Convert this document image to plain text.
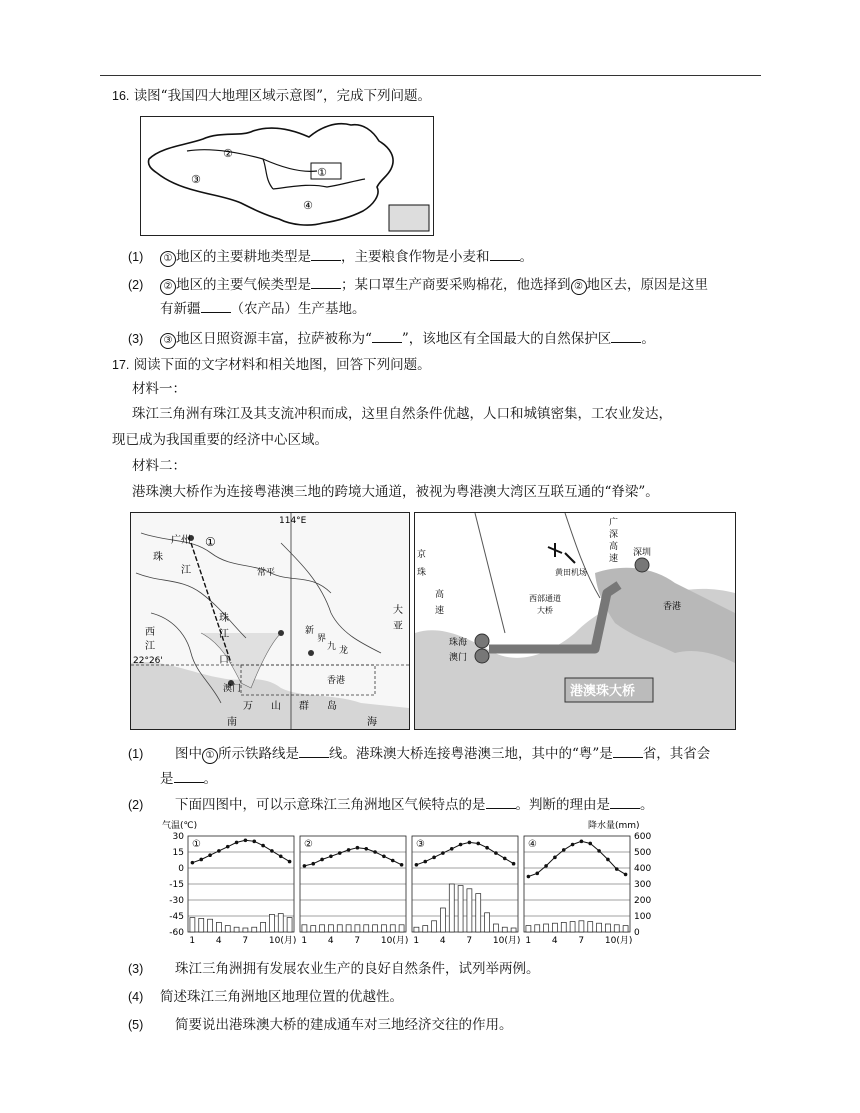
16. 读图“我国四大地理区域示意图”，完成下列问题。
②
③
①
④
(1)	① 地区的主要耕地类型是 ，主要粮食作物是小麦和 。
(2)	② 地区的主要气候类型是 ；某口罩生产商要采购棉花，他选择到 ② 地区去，原因是这里
有新疆 （农产品）生产基地。
(3)	③ 地区日照资源丰富，拉萨被称为“ ”，该地区有全国最大的自然保护区 。
17. 阅读下面的文字材料和相关地图，回答下列问题。
材料一：
珠江三角洲有珠江及其支流冲积而成，这里自然条件优越，人口和城镇密集，工农业发达，
现已成为我国重要的经济中心区域。
材料二：
港珠澳大桥作为连接粤港澳三地的跨境大通道，被视为粤港澳大湾区互联互通的“脊梁”。
114°E
22°26'
广州 ①
珠
江	常平
珠
江
西
江
口
澳门
万 山 群 岛
南	海
大
亚
九 龙
香港
新
界
广
深
高
速
深圳
黄田机场
京
珠
高
速
西部通道
大桥	香港
珠海
澳门
港澳珠大桥
(1) 图中 ① 所示铁路线是 线。港珠澳大桥连接粤港澳三地，其中的“粤”是 省，其省会
是 。
(2) 下面四图中，可以示意珠江三角洲地区气候特点的是 。判断的理由是 。
气温(℃)	降水量(mm)
30
15
0
-15
-30
-45
-60
600
500
400
300
200
100
0
①
1 4 7 10(月)
②
1 4 7 10(月)
③
1 4 7 10(月)
④
1 4 7 10(月)
(3) 珠江三角洲拥有发展农业生产的良好自然条件，试列举两例。
(4) 简述珠江三角洲地区地理位置的优越性。
(5) 简要说出港珠澳大桥的建成通车对三地经济交往的作用。
